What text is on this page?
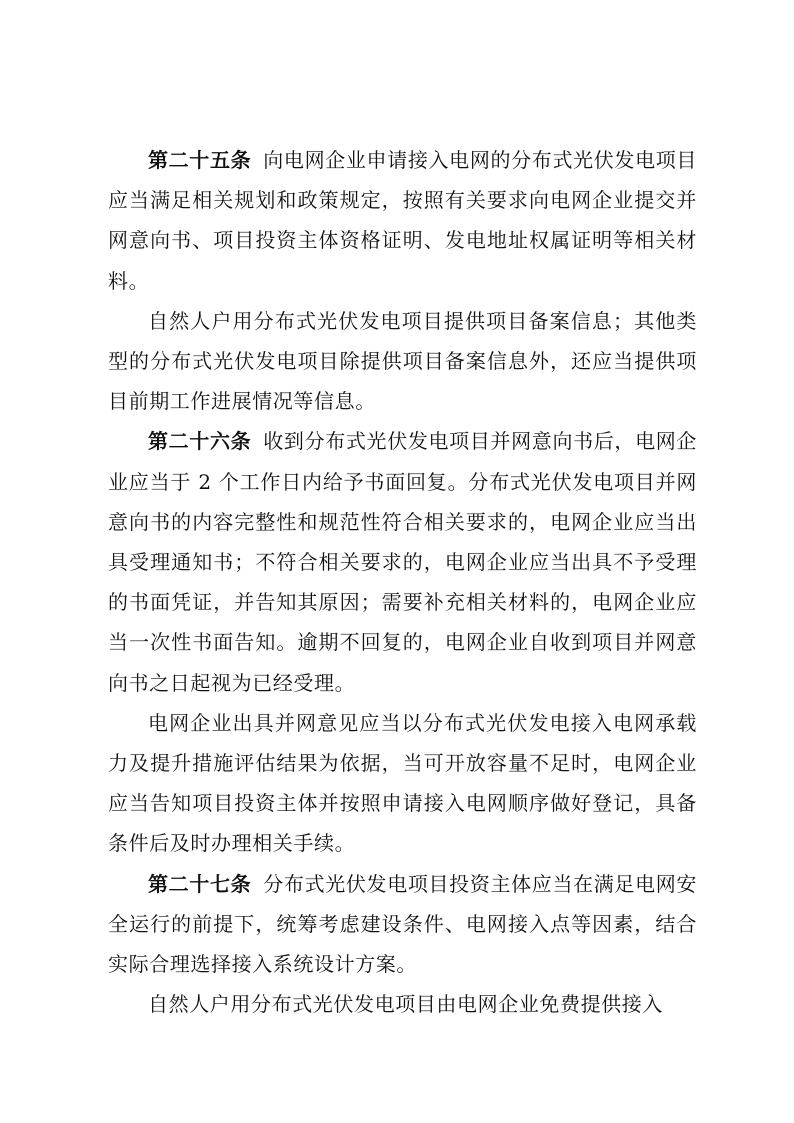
第二十五条 向电网企业申请接入电网的分布式光伏发电项目应当满足相关规划和政策规定，按照有关要求向电网企业提交并网意向书、项目投资主体资格证明、发电地址权属证明等相关材料。

自然人户用分布式光伏发电项目提供项目备案信息；其他类型的分布式光伏发电项目除提供项目备案信息外，还应当提供项目前期工作进展情况等信息。

第二十六条 收到分布式光伏发电项目并网意向书后，电网企业应当于 2 个工作日内给予书面回复。分布式光伏发电项目并网意向书的内容完整性和规范性符合相关要求的，电网企业应当出具受理通知书；不符合相关要求的，电网企业应当出具不予受理的书面凭证，并告知其原因；需要补充相关材料的，电网企业应当一次性书面告知。逾期不回复的，电网企业自收到项目并网意向书之日起视为已经受理。

电网企业出具并网意见应当以分布式光伏发电接入电网承载力及提升措施评估结果为依据，当可开放容量不足时，电网企业应当告知项目投资主体并按照申请接入电网顺序做好登记，具备条件后及时办理相关手续。

第二十七条 分布式光伏发电项目投资主体应当在满足电网安全运行的前提下，统筹考虑建设条件、电网接入点等因素，结合实际合理选择接入系统设计方案。

自然人户用分布式光伏发电项目由电网企业免费提供接入
